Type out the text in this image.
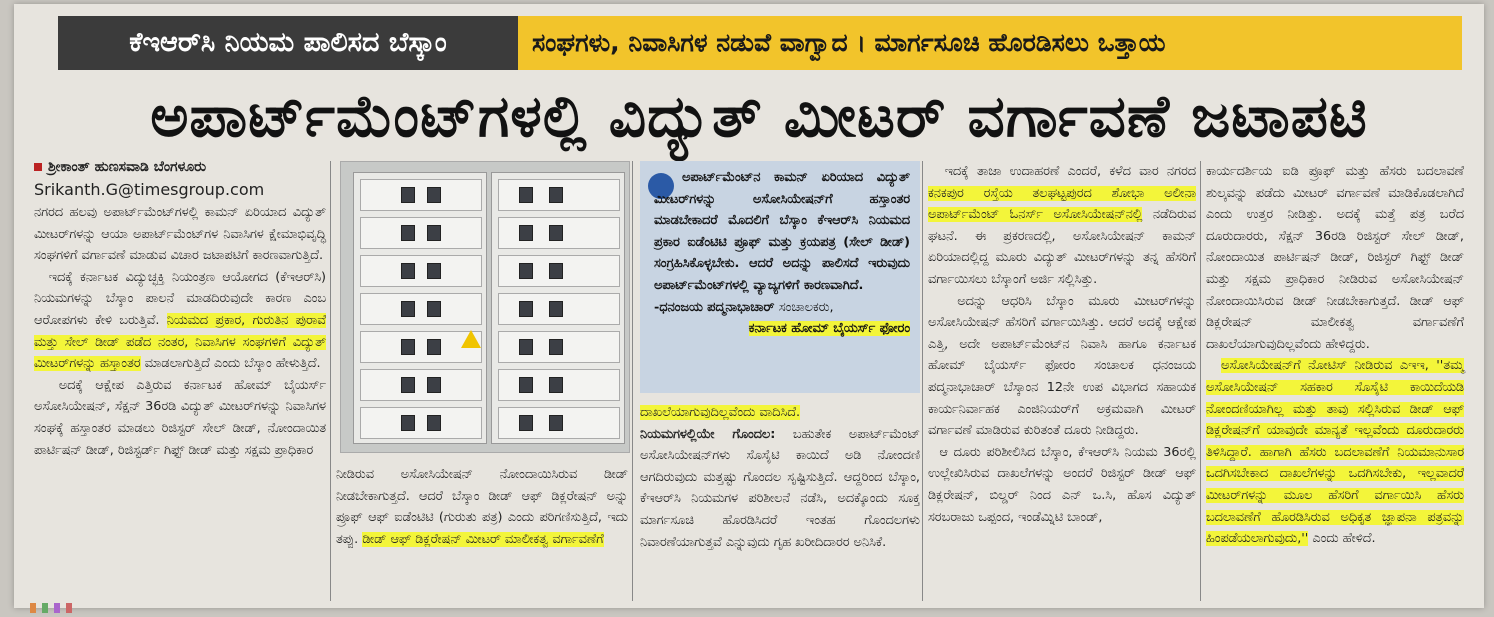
ಕೆಇಆರ್‌ಸಿ ನಿಯಮ ಪಾಲಿಸದ ಬೆಸ್ಕಾಂ	ಸಂಘಗಳು, ನಿವಾಸಿಗಳ ನಡುವೆ ವಾಗ್ವಾದ । ಮಾರ್ಗಸೂಚಿ ಹೊರಡಿಸಲು ಒತ್ತಾಯ
ಅಪಾರ್ಟ್‌ಮೆಂಟ್‌ಗಳಲ್ಲಿ ವಿದ್ಯುತ್ ಮೀಟರ್ ವರ್ಗಾವಣೆ ಜಟಾಪಟಿ
ಶ್ರೀಕಾಂತ್ ಹುಣಸವಾಡಿ ಬೆಂಗಳೂರು
Srikanth.G@timesgroup.com

ನಗರದ ಹಲವು ಅಪಾರ್ಟ್‌ಮೆಂಟ್‌ಗಳಲ್ಲಿ ಕಾಮನ್ ಏರಿಯಾದ ವಿದ್ಯುತ್ ಮೀಟರ್‌ಗಳನ್ನು ಆಯಾ ಅಪಾರ್ಟ್‌ಮೆಂಟ್‌ಗಳ ನಿವಾಸಿಗಳ ಕ್ಷೇಮಾಭಿವೃದ್ಧಿ ಸಂಘಗಳಿಗೆ ವರ್ಗಾವಣೆ ಮಾಡುವ ವಿಚಾರ ಜಟಾಪಟಿಗೆ ಕಾರಣವಾಗುತ್ತಿದೆ.

ಇದಕ್ಕೆ ಕರ್ನಾಟಕ ವಿದ್ಯುಚ್ಛಕ್ತಿ ನಿಯಂತ್ರಣ ಆಯೋಗದ (ಕೆಇಆರ್‌ಸಿ) ನಿಯಮಗಳನ್ನು ಬೆಸ್ಕಾಂ ಪಾಲನೆ ಮಾಡದಿರುವುದೇ ಕಾರಣ ಎಂಬ ಆರೋಪಗಳು ಕೇಳಿ ಬರುತ್ತಿವೆ. ನಿಯಮದ ಪ್ರಕಾರ, ಗುರುತಿನ ಪುರಾವೆ ಮತ್ತು ಸೇಲ್ ಡೀಡ್ ಪಡೆದ ನಂತರ, ನಿವಾಸಿಗಳ ಸಂಘಗಳಿಗೆ ವಿದ್ಯುತ್ ಮೀಟರ್‌ಗಳನ್ನು ಹಸ್ತಾಂತರ ಮಾಡಲಾಗುತ್ತಿದೆ ಎಂದು ಬೆಸ್ಕಾಂ ಹೇಳುತ್ತಿದೆ.

ಅದಕ್ಕೆ ಆಕ್ಷೇಪ ಎತ್ತಿರುವ ಕರ್ನಾಟಕ ಹೋಮ್ ಬೈಯರ್ಸ್ ಅಸೋಸಿಯೇಷನ್, ಸೆಕ್ಷನ್ 36ರಡಿ ವಿದ್ಯುತ್ ಮೀಟರ್‌ಗಳನ್ನು ನಿವಾಸಿಗಳ ಸಂಘಕ್ಕೆ ಹಸ್ತಾಂತರ ಮಾಡಲು ರಿಜಿಸ್ಟರ್ ಸೇಲ್ ಡೀಡ್, ನೋಂದಾಯಿತ ಪಾರ್ಟಿಷನ್ ಡೀಡ್, ರಿಜಿಸ್ಟರ್ಡ್ ಗಿಫ್ಟ್ ಡೀಡ್ ಮತ್ತು ಸಕ್ಷಮ ಪ್ರಾಧಿಕಾರ

ನೀಡಿರುವ ಅಸೋಸಿಯೇಷನ್ ನೋಂದಾಯಿಸಿರುವ ಡೀಡ್ ನೀಡಬೇಕಾಗುತ್ತದೆ. ಆದರೆ ಬೆಸ್ಕಾಂ ಡೀಡ್ ಆಫ್ ಡಿಕ್ಲರೇಷನ್ ಅನ್ನು ಪ್ರೂಫ್ ಆಫ್ ಐಡೆಂಟಿಟಿ (ಗುರುತು ಪತ್ರ) ಎಂದು ಪರಿಗಣಿಸುತ್ತಿದೆ, ಇದು ತಪ್ಪು. ಡೀಡ್ ಆಫ್ ಡಿಕ್ಲರೇಷನ್ ಮೀಟರ್ ಮಾಲೀಕತ್ವ ವರ್ಗಾವಣೆಗೆ

ಅಪಾರ್ಟ್‌ಮೆಂಟ್‌ನ ಕಾಮನ್ ಏರಿಯಾದ ವಿದ್ಯುತ್ ಮೀಟರ್‌ಗಳನ್ನು ಅಸೋಸಿಯೇಷನ್‌ಗೆ ಹಸ್ತಾಂತರ ಮಾಡಬೇಕಾದರೆ ಮೊದಲಿಗೆ ಬೆಸ್ಕಾಂ ಕೆಇಆರ್‌ಸಿ ನಿಯಮದ ಪ್ರಕಾರ ಐಡೆಂಟಿಟಿ ಪ್ರೂಫ್ ಮತ್ತು ಕ್ರಯಪತ್ರ (ಸೇಲ್ ಡೀಡ್) ಸಂಗ್ರಹಿಸಿಕೊಳ್ಳಬೇಕು. ಆದರೆ ಅದನ್ನು ಪಾಲಿಸದೆ ಇರುವುದು ಅಪಾರ್ಟ್‌ಮೆಂಟ್‌ಗಳಲ್ಲಿ ವ್ಯಾಜ್ಯಗಳಿಗೆ ಕಾರಣವಾಗಿದೆ.

-ಧನಂಜಯ ಪದ್ಮನಾಭಾಚಾರ್ ಸಂಚಾಲಕರು,

ಕರ್ನಾಟಕ ಹೋಮ್ ಬೈಯರ್ಸ್ ಫೋರಂ

ದಾಖಲೆಯಾಗುವುದಿಲ್ಲವೆಂದು ವಾದಿಸಿದೆ.

ನಿಯಮಗಳಲ್ಲಿಯೇ ಗೊಂದಲ: ಬಹುತೇಕ ಅಪಾರ್ಟ್‌ಮೆಂಟ್ ಅಸೋಸಿಯೇಷನ್‌ಗಳು ಸೊಸೈಟಿ ಕಾಯಿದೆ ಅಡಿ ನೋಂದಣಿ ಆಗದಿರುವುದು ಮತ್ತಷ್ಟು ಗೊಂದಲ ಸೃಷ್ಟಿಸುತ್ತಿದೆ. ಆದ್ದರಿಂದ ಬೆಸ್ಕಾಂ, ಕೆಇಆರ್‌ಸಿ ನಿಯಮಗಳ ಪರಿಶೀಲನೆ ನಡೆಸಿ, ಅದಕ್ಕೊಂದು ಸೂಕ್ತ ಮಾರ್ಗಸೂಚಿ ಹೊರಡಿಸಿದರೆ ಇಂತಹ ಗೊಂದಲಗಳು ನಿವಾರಣೆಯಾಗುತ್ತವೆ ಎನ್ನುವುದು ಗೃಹ ಖರೀದಿದಾರರ ಅನಿಸಿಕೆ.

ಇದಕ್ಕೆ ತಾಜಾ ಉದಾಹರಣೆ ಎಂದರೆ, ಕಳೆದ ವಾರ ನಗರದ ಕನಕಪುರ ರಸ್ತೆಯ ತಲಘಟ್ಟಪುರದ ಶೋಭಾ ಅಲೀನಾ ಅಪಾರ್ಟ್‌ಮೆಂಟ್ ಓನರ್ಸ್ ಅಸೋಸಿಯೇಷನ್‌ನಲ್ಲಿ ನಡೆದಿರುವ ಘಟನೆ. ಈ ಪ್ರಕರಣದಲ್ಲಿ, ಅಸೋಸಿಯೇಷನ್ ಕಾಮನ್ ಏರಿಯಾದಲ್ಲಿದ್ದ ಮೂರು ವಿದ್ಯುತ್ ಮೀಟರ್‌ಗಳನ್ನು ತನ್ನ ಹೆಸರಿಗೆ ವರ್ಗಾಯಿಸಲು ಬೆಸ್ಕಾಂಗೆ ಅರ್ಜಿ ಸಲ್ಲಿಸಿತ್ತು.

ಅದನ್ನು ಆಧರಿಸಿ ಬೆಸ್ಕಾಂ ಮೂರು ಮೀಟರ್‌ಗಳನ್ನು ಅಸೋಸಿಯೇಷನ್ ಹೆಸರಿಗೆ ವರ್ಗಾಯಿಸಿತ್ತು. ಆದರೆ ಅದಕ್ಕೆ ಆಕ್ಷೇಪ ಎತ್ತಿ, ಅದೇ ಅಪಾರ್ಟ್‌ಮೆಂಟ್‌ನ ನಿವಾಸಿ ಹಾಗೂ ಕರ್ನಾಟಕ ಹೋಮ್ ಬೈಯರ್ಸ್ ಫೋರಂ ಸಂಚಾಲಕ ಧನಂಜಯ ಪದ್ಮನಾಭಾಚಾರ್ ಬೆಸ್ಕಾಂನ 12ನೇ ಉಪ ವಿಭಾಗದ ಸಹಾಯಕ ಕಾರ್ಯನಿರ್ವಾಹಕ ಎಂಜಿನಿಯರ್‌ಗೆ ಅಕ್ರಮವಾಗಿ ಮೀಟರ್ ವರ್ಗಾವಣೆ ಮಾಡಿರುವ ಕುರಿತಂತೆ ದೂರು ನೀಡಿದ್ದರು.

ಆ ದೂರು ಪರಿಶೀಲಿಸಿದ ಬೆಸ್ಕಾಂ, ಕೆಇಆರ್‌ಸಿ ನಿಯಮ 36ರಲ್ಲಿ ಉಲ್ಲೇಖಿಸಿರುವ ದಾಖಲೆಗಳನ್ನು ಅಂದರೆ ರಿಜಿಸ್ಟರ್ ಡೀಡ್ ಆಫ್ ಡಿಕ್ಲರೇಷನ್, ಬಿಲ್ಡರ್ ನಿಂದ ಎನ್ ಒ.ಸಿ, ಹೊಸ ವಿದ್ಯುತ್ ಸರಬರಾಜು ಒಪ್ಪಂದ, ಇಂಡೆಮ್ನಿಟಿ ಬಾಂಡ್,

ಕಾರ್ಯದರ್ಶಿಯ ಐಡಿ ಪ್ರೂಫ್ ಮತ್ತು ಹೆಸರು ಬದಲಾವಣೆ ಶುಲ್ಕವನ್ನು ಪಡೆದು ಮೀಟರ್ ವರ್ಗಾವಣೆ ಮಾಡಿಕೊಡಲಾಗಿದೆ ಎಂದು ಉತ್ತರ ನೀಡಿತ್ತು. ಅದಕ್ಕೆ ಮತ್ತೆ ಪತ್ರ ಬರೆದ ದೂರುದಾರರು, ಸೆಕ್ಷನ್ 36ರಡಿ ರಿಜಿಸ್ಟರ್ ಸೇಲ್ ಡೀಡ್, ನೋಂದಾಯಿತ ಪಾರ್ಟಿಷನ್ ಡೀಡ್, ರಿಜಿಸ್ಟರ್ ಗಿಫ್ಟ್ ಡೀಡ್ ಮತ್ತು ಸಕ್ಷಮ ಪ್ರಾಧಿಕಾರ ನೀಡಿರುವ ಅಸೋಸಿಯೇಷನ್ ನೋಂದಾಯಿಸಿರುವ ಡೀಡ್ ನೀಡಬೇಕಾಗುತ್ತದೆ. ಡೀಡ್ ಆಫ್ ಡಿಕ್ಲರೇಷನ್ ಮಾಲೀಕತ್ವ ವರ್ಗಾವಣೆಗೆ ದಾಖಲೆಯಾಗುವುದಿಲ್ಲವೆಂದು ಹೇಳಿದ್ದರು.

ಅಸೋಸಿಯೇಷನ್‌ಗೆ ನೋಟಿಸ್ ನೀಡಿರುವ ಎಇಇ, ''ತಮ್ಮ ಅಸೋಸಿಯೇಷನ್ ಸಹಕಾರ ಸೊಸೈಟಿ ಕಾಯಿದೆಯಡಿ ನೋಂದಣಿಯಾಗಿಲ್ಲ ಮತ್ತು ತಾವು ಸಲ್ಲಿಸಿರುವ ಡೀಡ್ ಆಫ್ ಡಿಕ್ಲರೇಷನ್‌ಗೆ ಯಾವುದೇ ಮಾನ್ಯತೆ ಇಲ್ಲವೆಂದು ದೂರುದಾರರು ತಿಳಿಸಿದ್ದಾರೆ. ಹಾಗಾಗಿ ಹೆಸರು ಬದಲಾವಣೆಗೆ ನಿಯಮಾನುಸಾರ ಒದಗಿಸಬೇಕಾದ ದಾಖಲೆಗಳನ್ನು ಒದಗಿಸಬೇಕು, ಇಲ್ಲವಾದರೆ ಮೀಟರ್‌ಗಳನ್ನು ಮೂಲ ಹೆಸರಿಗೆ ವರ್ಗಾಯಿಸಿ ಹೆಸರು ಬದಲಾವಣೆಗೆ ಹೊರಡಿಸಿರುವ ಅಧಿಕೃತ ಜ್ಞಾಪನಾ ಪತ್ರವನ್ನು ಹಿಂಪಡೆಯಲಾಗುವುದು,'' ಎಂದು ಹೇಳಿದೆ.
